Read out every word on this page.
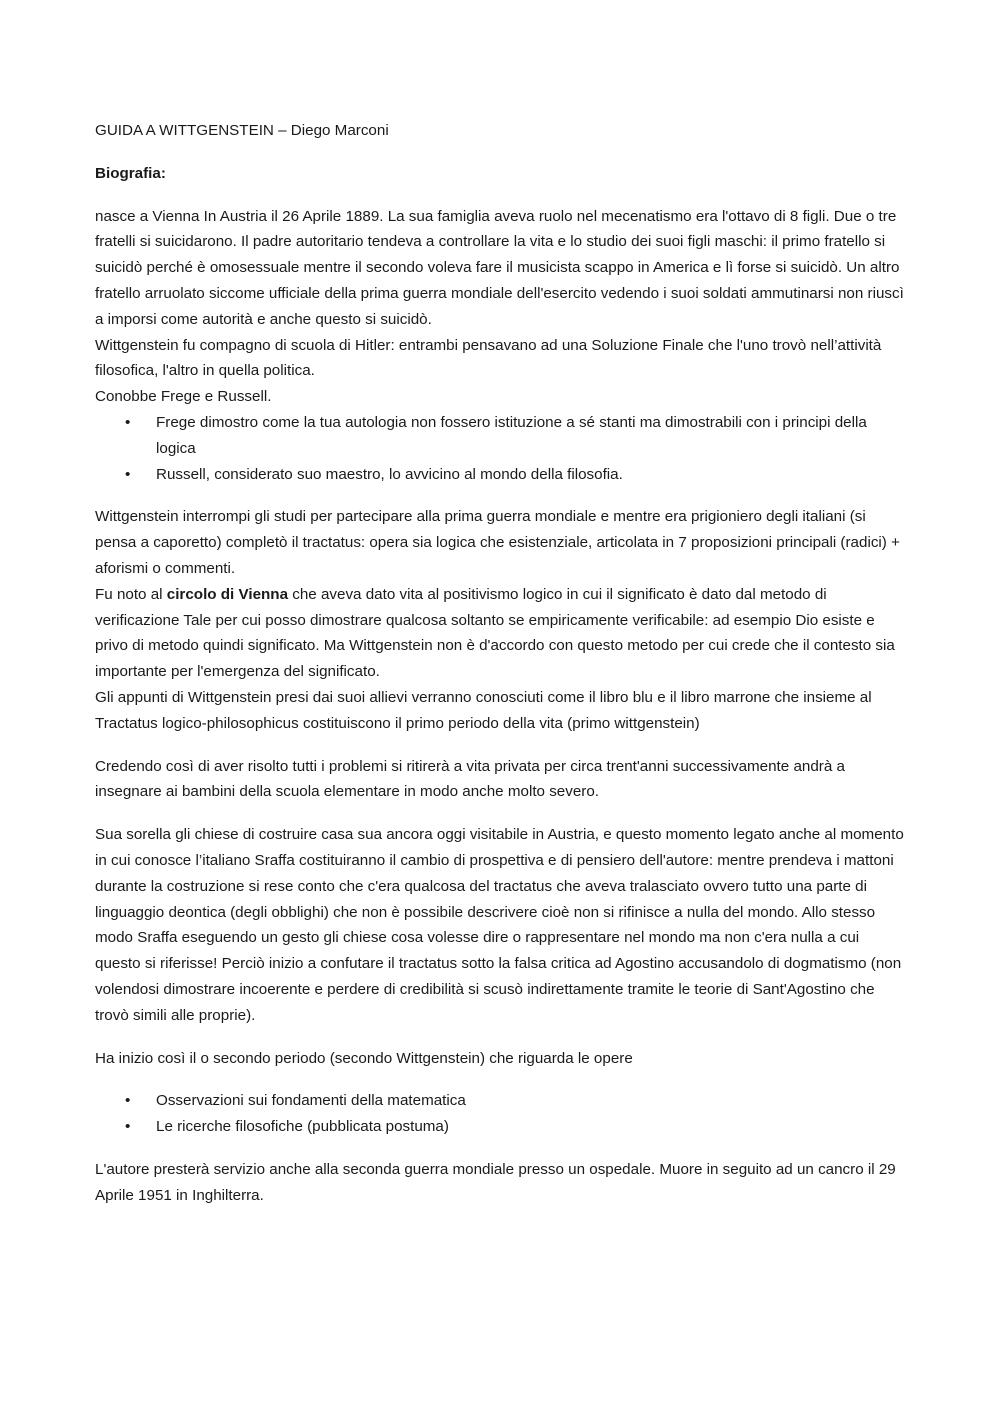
GUIDA A WITTGENSTEIN – Diego Marconi

Biografia:

nasce a Vienna In Austria il 26 Aprile 1889. La sua famiglia aveva ruolo nel mecenatismo era l'ottavo di 8 figli. Due o tre fratelli si suicidarono. Il padre autoritario tendeva a controllare la vita e lo studio dei suoi figli maschi: il primo fratello si suicidò perché è omosessuale mentre il secondo voleva fare il musicista scappo in America e lì forse si suicidò. Un altro fratello arruolato siccome ufficiale della prima guerra mondiale dell'esercito vedendo i suoi soldati ammutinarsi non riuscì a imporsi come autorità e anche questo si suicidò.

Wittgenstein fu compagno di scuola di Hitler: entrambi pensavano ad una Soluzione Finale che l'uno trovò nell’attività filosofica, l'altro in quella politica.

Conobbe Frege e Russell.

• Frege dimostro come la tua autologia non fossero istituzione a sé stanti ma dimostrabili con i principi della logica
• Russell, considerato suo maestro, lo avvicino al mondo della filosofia.

Wittgenstein interrompi gli studi per partecipare alla prima guerra mondiale e mentre era prigioniero degli italiani (si pensa a caporetto) completò il tractatus: opera sia logica che esistenziale, articolata in 7 proposizioni principali (radici) + aforismi o commenti.

Fu noto al circolo di Vienna che aveva dato vita al positivismo logico in cui il significato è dato dal metodo di verificazione Tale per cui posso dimostrare qualcosa soltanto se empiricamente verificabile: ad esempio Dio esiste e privo di metodo quindi significato. Ma Wittgenstein non è d'accordo con questo metodo per cui crede che il contesto sia importante per l'emergenza del significato.

Gli appunti di Wittgenstein presi dai suoi allievi verranno conosciuti come il libro blu e il libro marrone che insieme al Tractatus logico-philosophicus costituiscono il primo periodo della vita (primo wittgenstein)

Credendo così di aver risolto tutti i problemi si ritirerà a vita privata per circa trent'anni successivamente andrà a insegnare ai bambini della scuola elementare in modo anche molto severo.

Sua sorella gli chiese di costruire casa sua ancora oggi visitabile in Austria, e questo momento legato anche al momento in cui conosce l’italiano Sraffa costituiranno il cambio di prospettiva e di pensiero dell'autore: mentre prendeva i mattoni durante la costruzione si rese conto che c'era qualcosa del tractatus che aveva tralasciato ovvero tutto una parte di linguaggio deontica (degli obblighi) che non è possibile descrivere cioè non si rifinisce a nulla del mondo. Allo stesso modo Sraffa eseguendo un gesto gli chiese cosa volesse dire o rappresentare nel mondo ma non c'era nulla a cui questo si riferisse! Perciò inizio a confutare il tractatus sotto la falsa critica ad Agostino accusandolo di dogmatismo (non volendosi dimostrare incoerente e perdere di credibilità si scusò indirettamente tramite le teorie di Sant'Agostino che trovò simili alle proprie).

Ha inizio così il o secondo periodo (secondo Wittgenstein) che riguarda le opere

• Osservazioni sui fondamenti della matematica
• Le ricerche filosofiche (pubblicata postuma)

L'autore presterà servizio anche alla seconda guerra mondiale presso un ospedale. Muore in seguito ad un cancro il 29 Aprile 1951 in Inghilterra.
